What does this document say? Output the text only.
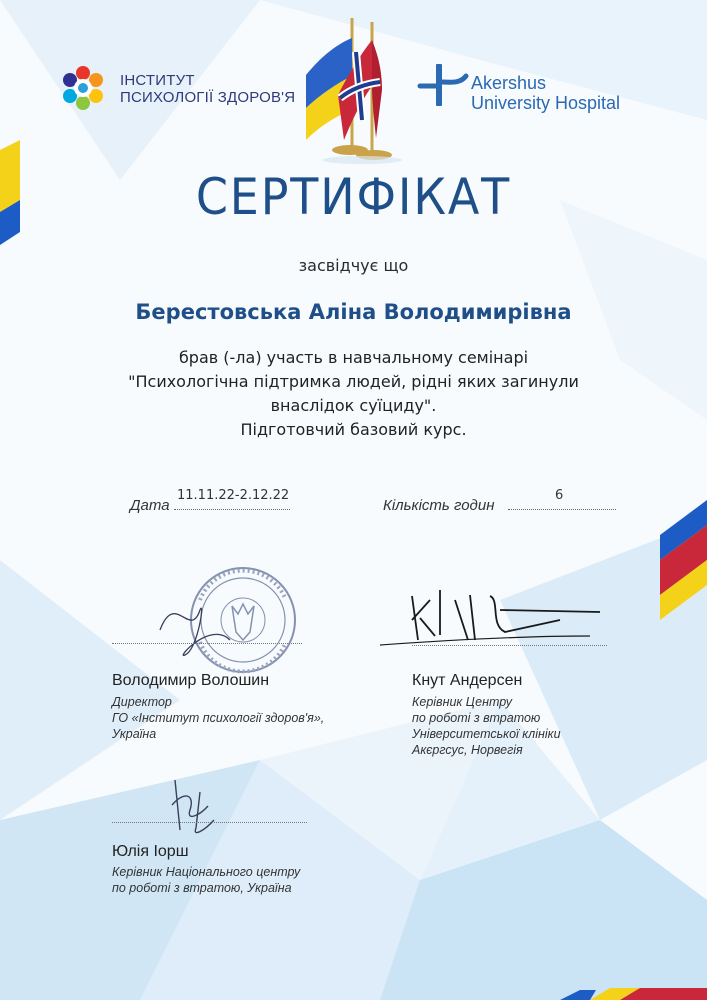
ІНСТИТУТ
ПСИХОЛОГІЇ ЗДОРОВ'Я
Akershus
University Hospital
СЕРТИФІКАТ
засвідчує що
Берестовська Аліна Володимирівна
брав (-ла) участь в навчальному семінарі
"Психологічна підтримка людей, рідні яких загинули
внаслідок суїциду".
Підготовчий базовий курс.
Дата
11.11.22-2.12.22
Кількість годин
6
Володимир Волошин
Директор
ГО «Інститут психології здоров'я»,
Україна
Кнут Андерсен
Керівник Центру
по роботі з втратою
Університетської клініки
Акєргсус, Норвегія
Юлія Іорш
Керівник Національного центру
по роботі з втратою, Україна
